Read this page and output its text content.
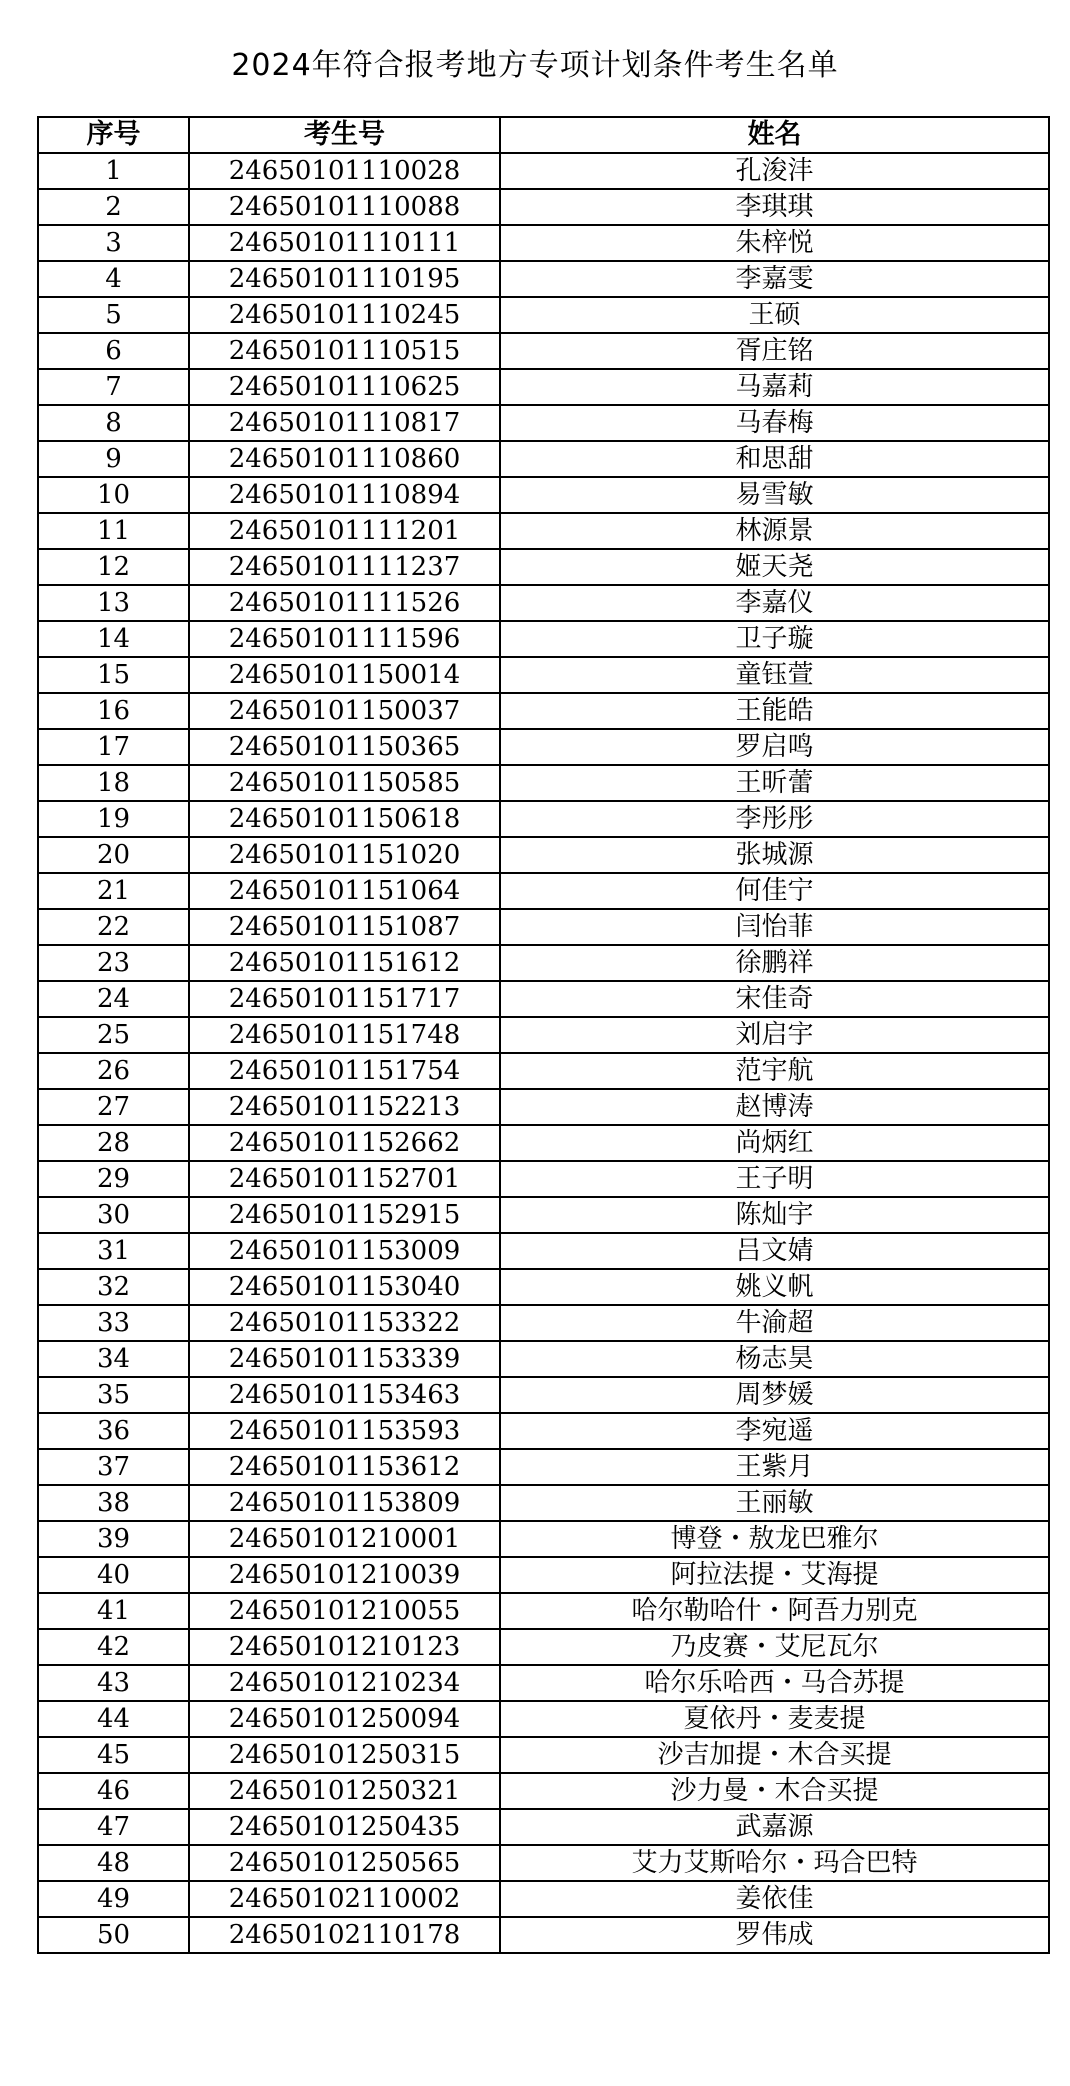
2024年符合报考地方专项计划条件考生名单
序号	考生号	姓名
1	24650101110028	孔浚沣
2	24650101110088	李琪琪
3	24650101110111	朱梓悦
4	24650101110195	李嘉雯
5	24650101110245	王硕
6	24650101110515	胥庄铭
7	24650101110625	马嘉莉
8	24650101110817	马春梅
9	24650101110860	和思甜
10	24650101110894	易雪敏
11	24650101111201	林源景
12	24650101111237	姬天尧
13	24650101111526	李嘉仪
14	24650101111596	卫子璇
15	24650101150014	童钰萱
16	24650101150037	王能皓
17	24650101150365	罗启鸣
18	24650101150585	王昕蕾
19	24650101150618	李彤彤
20	24650101151020	张城源
21	24650101151064	何佳宁
22	24650101151087	闫怡菲
23	24650101151612	徐鹏祥
24	24650101151717	宋佳奇
25	24650101151748	刘启宇
26	24650101151754	范宇航
27	24650101152213	赵博涛
28	24650101152662	尚炳红
29	24650101152701	王子明
30	24650101152915	陈灿宇
31	24650101153009	吕文婧
32	24650101153040	姚义帆
33	24650101153322	牛渝超
34	24650101153339	杨志昊
35	24650101153463	周梦媛
36	24650101153593	李宛遥
37	24650101153612	王紫月
38	24650101153809	王丽敏
39	24650101210001	博登・敖龙巴雅尔
40	24650101210039	阿拉法提・艾海提
41	24650101210055	哈尔勒哈什・阿吾力别克
42	24650101210123	乃皮赛・艾尼瓦尔
43	24650101210234	哈尔乐哈西・马合苏提
44	24650101250094	夏依丹・麦麦提
45	24650101250315	沙吉加提・木合买提
46	24650101250321	沙力曼・木合买提
47	24650101250435	武嘉源
48	24650101250565	艾力艾斯哈尔・玛合巴特
49	24650102110002	姜依佳
50	24650102110178	罗伟成
